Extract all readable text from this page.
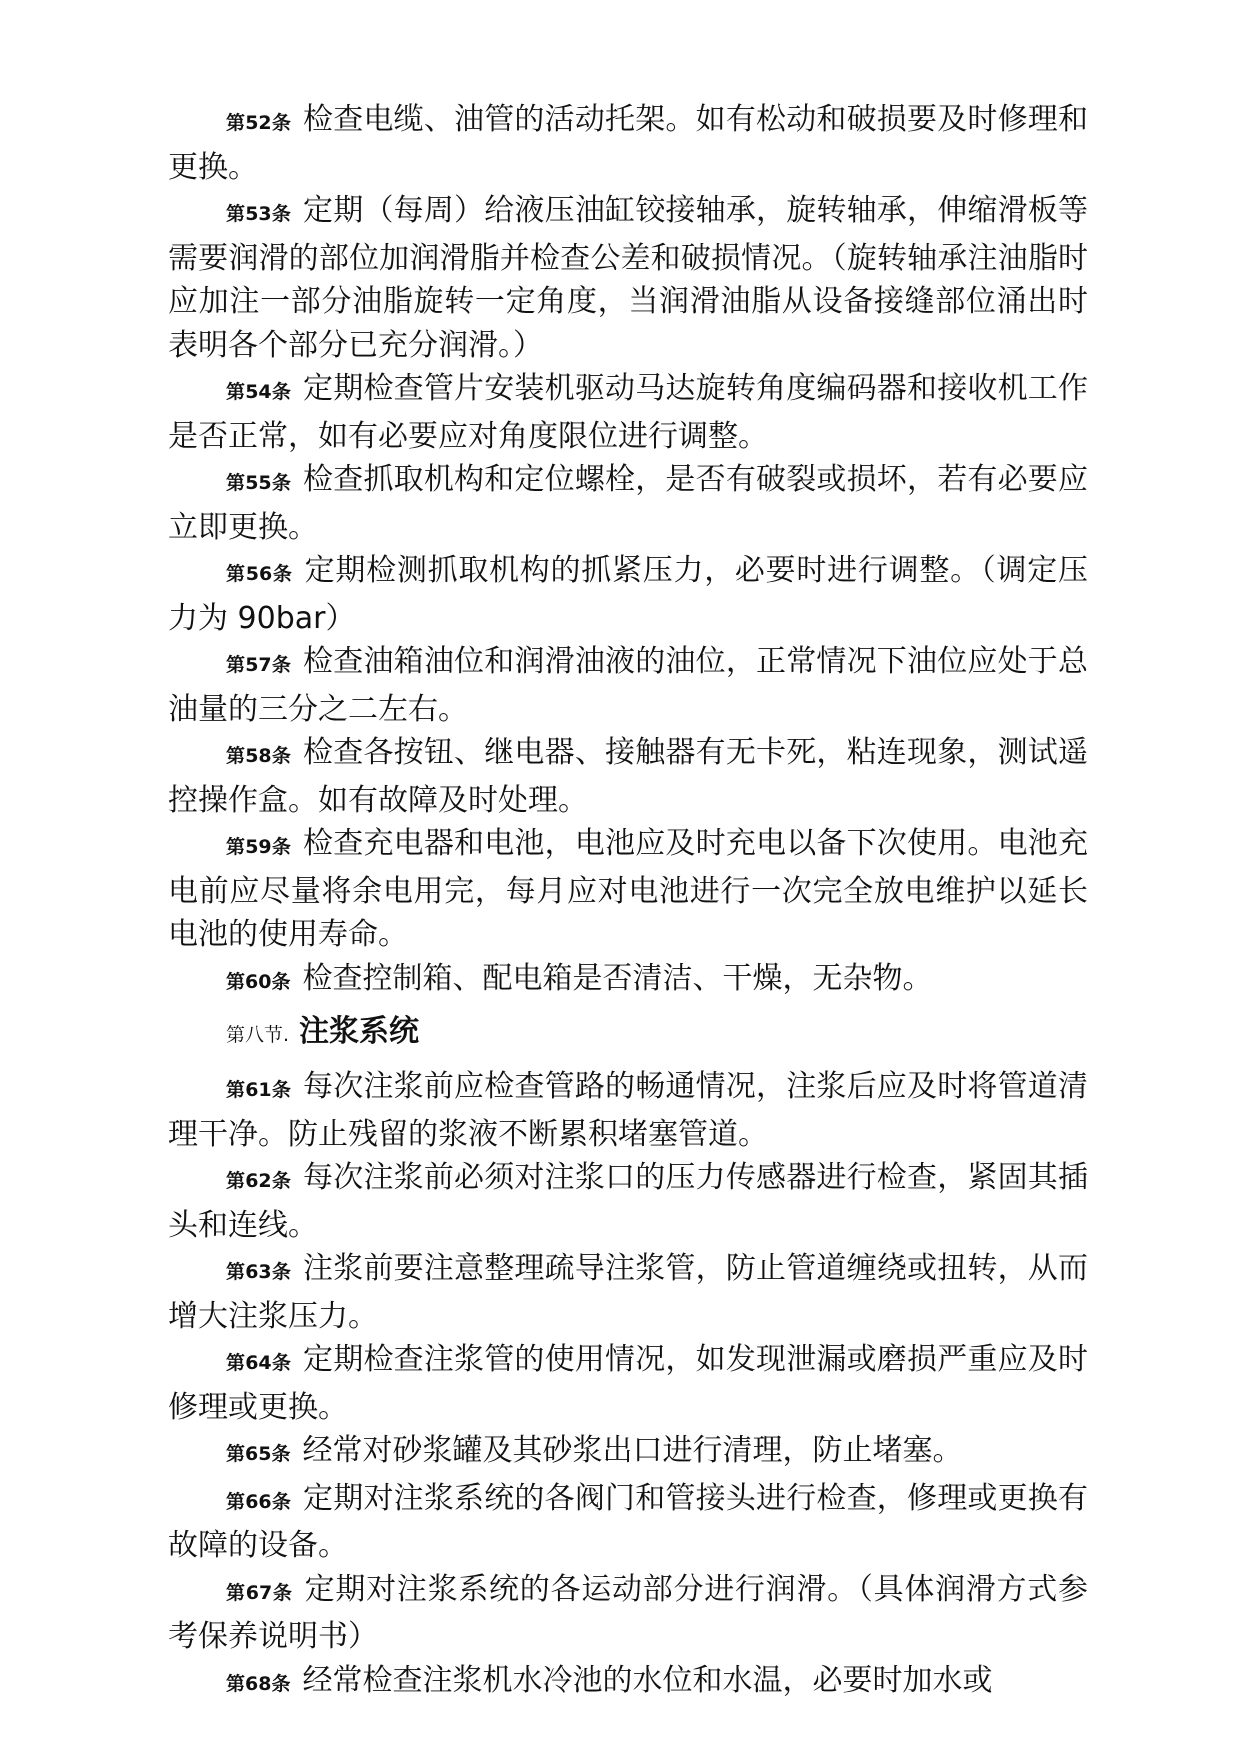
第52条 检查电缆、油管的活动托架。如有松动和破损要及时修理和更换。

第53条 定期（每周）给液压油缸铰接轴承，旋转轴承，伸缩滑板等需要润滑的部位加润滑脂并检查公差和破损情况。（旋转轴承注油脂时应加注一部分油脂旋转一定角度，当润滑油脂从设备接缝部位涌出时表明各个部分已充分润滑。）

第54条 定期检查管片安装机驱动马达旋转角度编码器和接收机工作是否正常，如有必要应对角度限位进行调整。

第55条 检查抓取机构和定位螺栓，是否有破裂或损坏，若有必要应立即更换。

第56条 定期检测抓取机构的抓紧压力，必要时进行调整。（调定压力为 90bar）

第57条 检查油箱油位和润滑油液的油位，正常情况下油位应处于总油量的三分之二左右。

第58条 检查各按钮、继电器、接触器有无卡死，粘连现象，测试遥控操作盒。如有故障及时处理。

第59条 检查充电器和电池，电池应及时充电以备下次使用。电池充电前应尽量将余电用完，每月应对电池进行一次完全放电维护以延长电池的使用寿命。

第60条 检查控制箱、配电箱是否清洁、干燥，无杂物。

第八节. 注浆系统

第61条 每次注浆前应检查管路的畅通情况，注浆后应及时将管道清理干净。防止残留的浆液不断累积堵塞管道。

第62条 每次注浆前必须对注浆口的压力传感器进行检查，紧固其插头和连线。

第63条 注浆前要注意整理疏导注浆管，防止管道缠绕或扭转，从而增大注浆压力。

第64条 定期检查注浆管的使用情况，如发现泄漏或磨损严重应及时修理或更换。

第65条 经常对砂浆罐及其砂浆出口进行清理，防止堵塞。

第66条 定期对注浆系统的各阀门和管接头进行检查，修理或更换有故障的设备。

第67条 定期对注浆系统的各运动部分进行润滑。（具体润滑方式参考保养说明书）

第68条 经常检查注浆机水冷池的水位和水温，必要时加水或
